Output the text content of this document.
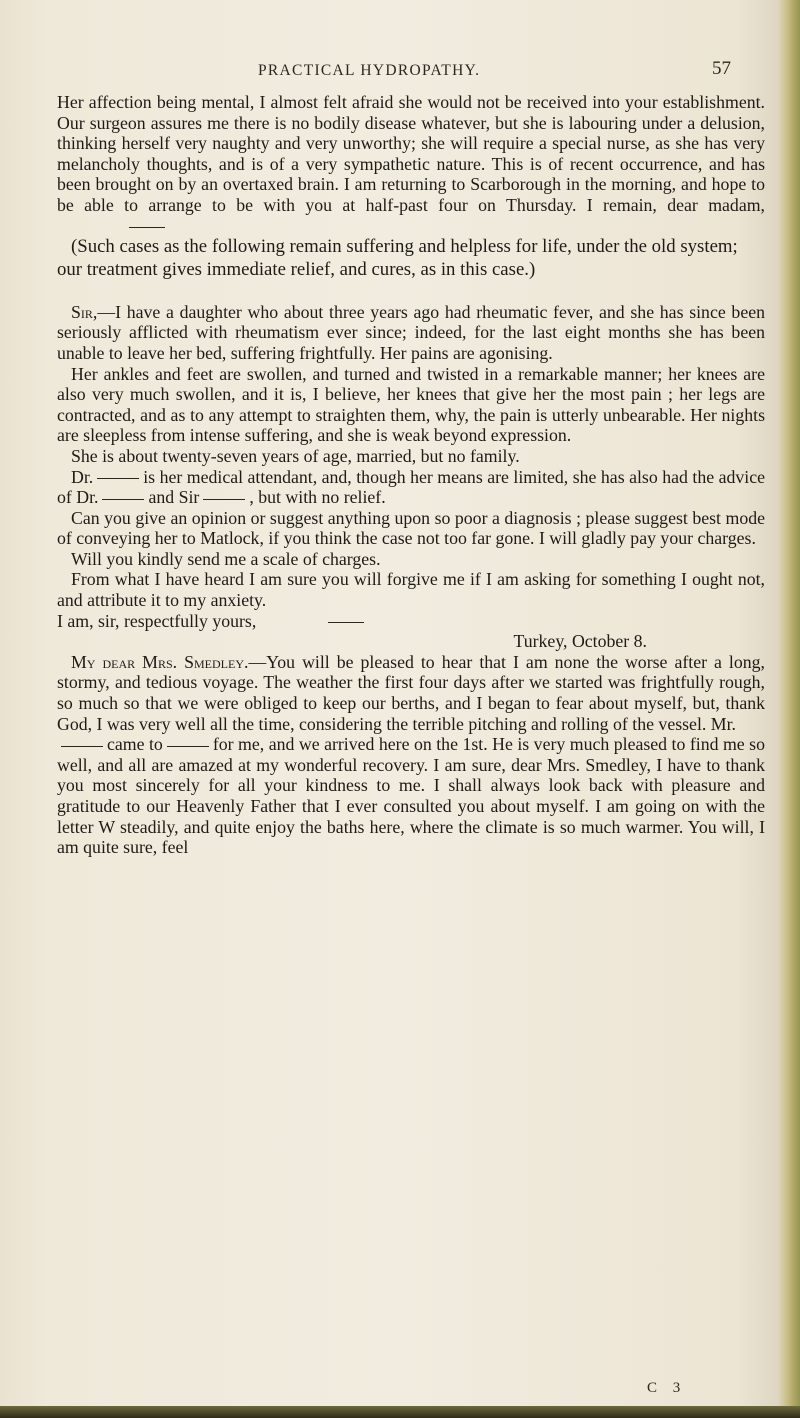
PRACTICAL HYDROPATHY.	57

Her affection being mental, I almost felt afraid she would not be received into your establishment. Our surgeon assures me there is no bodily disease whatever, but she is labouring under a delusion, thinking herself very naughty and very unworthy; she will require a special nurse, as she has very melancholy thoughts, and is of a very sympathetic nature. This is of recent occurrence, and has been brought on by an overtaxed brain. I am returning to Scarborough in the morning, and hope to be able to arrange to be with you at half-past four on Thursday. I remain, dear madam,

(Such cases as the following remain suffering and helpless for life, under the old system; our treatment gives immediate relief, and cures, as in this case.)

Sir,—I have a daughter who about three years ago had rheumatic fever, and she has since been seriously afflicted with rheumatism ever since; indeed, for the last eight months she has been unable to leave her bed, suffering frightfully. Her pains are agonising.

Her ankles and feet are swollen, and turned and twisted in a remarkable manner; her knees are also very much swollen, and it is, I believe, her knees that give her the most pain ; her legs are contracted, and as to any attempt to straighten them, why, the pain is utterly unbearable. Her nights are sleepless from intense suffering, and she is weak beyond expression.

She is about twenty-seven years of age, married, but no family.

Dr.	is her medical attendant, and, though her means are limited, she has also had the advice of Dr.	and Sir	, but with no relief.

Can you give an opinion or suggest anything upon so poor a diagnosis ; please suggest best mode of conveying her to Matlock, if you think the case not too far gone. I will gladly pay your charges.

Will you kindly send me a scale of charges.

From what I have heard I am sure you will forgive me if I am asking for something I ought not, and attribute it to my anxiety.

I am, sir, respectfully yours,

Turkey, October 8.

My dear Mrs. Smedley.—You will be pleased to hear that I am none the worse after a long, stormy, and tedious voyage. The weather the first four days after we started was frightfully rough, so much so that we were obliged to keep our berths, and I began to fear about myself, but, thank God, I was very well all the time, considering the terrible pitching and rolling of the vessel. Mr.
came to	for me, and we arrived here on the 1st. He is very much pleased to find me so well, and all are amazed at my wonderful recovery. I am sure, dear Mrs. Smedley, I have to thank you most sincerely for all your kindness to me. I shall always look back with pleasure and gratitude to our Heavenly Father that I ever consulted you about myself. I am going on with the letter W steadily, and quite enjoy the baths here, where the climate is so much warmer. You will, I am quite sure, feel

C 3
